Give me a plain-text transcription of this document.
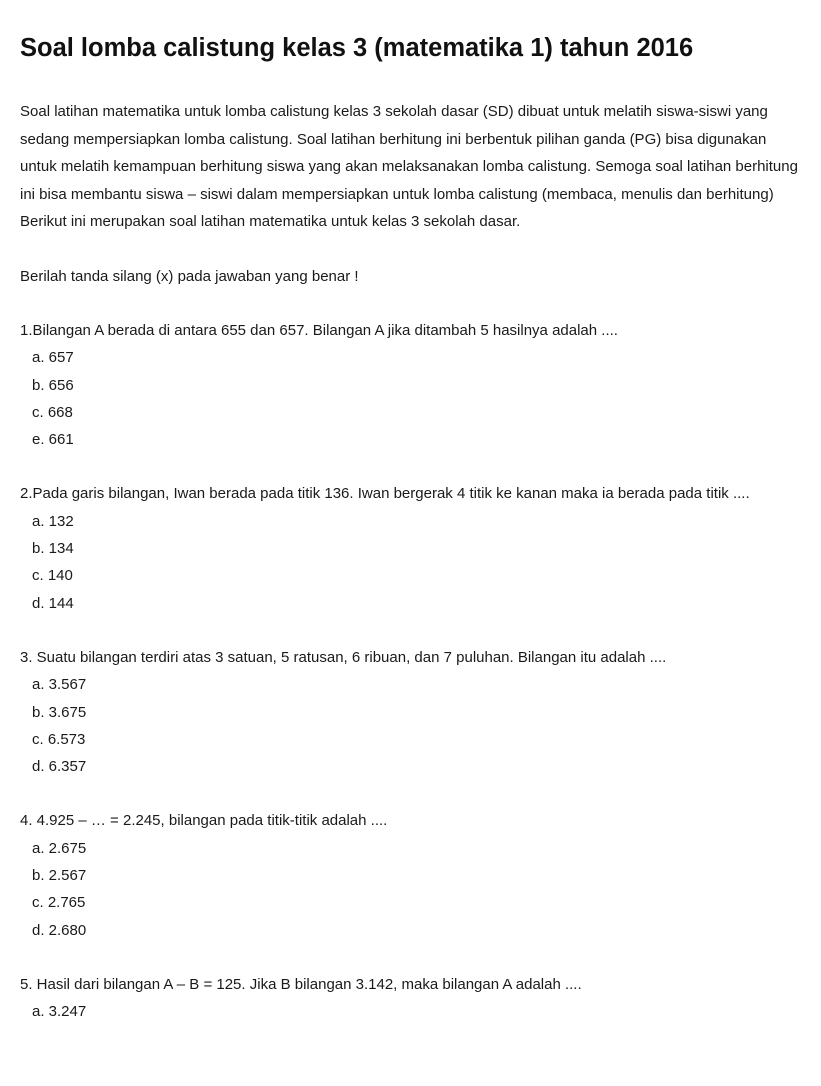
Soal lomba calistung kelas 3 (matematika 1) tahun 2016

Soal latihan matematika untuk lomba calistung kelas 3 sekolah dasar (SD) dibuat untuk melatih siswa-siswi yang sedang mempersiapkan lomba calistung. Soal latihan berhitung ini berbentuk pilihan ganda (PG) bisa digunakan untuk melatih kemampuan berhitung siswa yang akan melaksanakan lomba calistung. Semoga soal latihan berhitung ini bisa membantu siswa – siswi dalam mempersiapkan untuk lomba calistung (membaca, menulis dan berhitung)

Berikut ini merupakan soal latihan matematika untuk kelas 3 sekolah dasar.

Berilah tanda silang (x) pada jawaban yang benar !

1.Bilangan A berada di antara 655 dan 657. Bilangan A jika ditambah 5 hasilnya adalah ....

a. 657
b. 656
c. 668
e. 661

2.Pada garis bilangan, Iwan berada pada titik 136. Iwan bergerak 4 titik ke kanan maka ia berada pada titik ....

a. 132
b. 134
c. 140
d. 144

3. Suatu bilangan terdiri atas 3 satuan, 5 ratusan, 6 ribuan, dan 7 puluhan. Bilangan itu adalah ....

a. 3.567
b. 3.675
c. 6.573
d. 6.357

4. 4.925 – … = 2.245, bilangan pada titik-titik adalah ....

a. 2.675
b. 2.567
c. 2.765
d. 2.680

5. Hasil dari bilangan A – B = 125. Jika B bilangan 3.142, maka bilangan A adalah ....

a. 3.247
